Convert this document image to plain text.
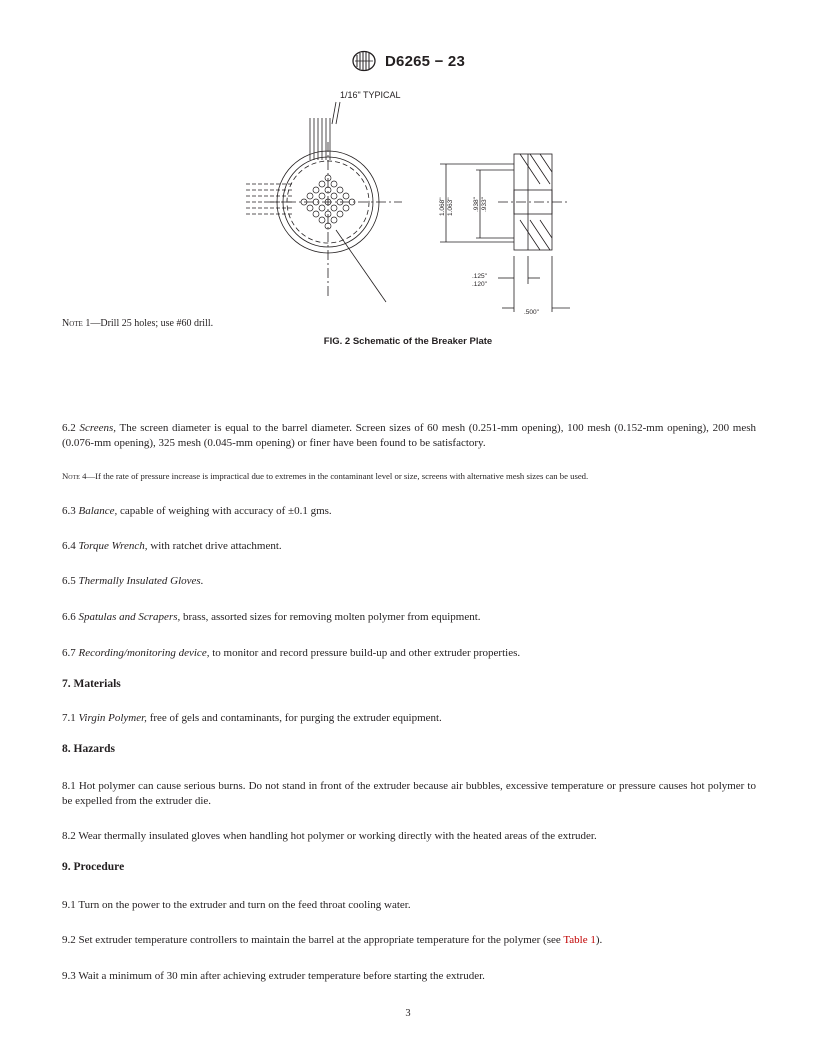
D6265 − 23
1/16" TYPICAL
1.068" 1.063"	.938" .933"
.125"
.120"
.500"
Note 1—Drill 25 holes; use #60 drill.
FIG. 2 Schematic of the Breaker Plate
6.2 Screens, The screen diameter is equal to the barrel diameter. Screen sizes of 60 mesh (0.251-mm opening), 100 mesh (0.152-mm opening), 200 mesh (0.076-mm opening), 325 mesh (0.045-mm opening) or finer have been found to be satisfactory.
Note 4—If the rate of pressure increase is impractical due to extremes in the contaminant level or size, screens with alternative mesh sizes can be used.
6.3 Balance, capable of weighing with accuracy of ±0.1 gms.
6.4 Torque Wrench, with ratchet drive attachment.
6.5 Thermally Insulated Gloves.
6.6 Spatulas and Scrapers, brass, assorted sizes for removing molten polymer from equipment.
6.7 Recording/monitoring device, to monitor and record pressure build-up and other extruder properties.
7. Materials
7.1 Virgin Polymer, free of gels and contaminants, for purging the extruder equipment.
8. Hazards
8.1 Hot polymer can cause serious burns. Do not stand in front of the extruder because air bubbles, excessive temperature or pressure causes hot polymer to be expelled from the extruder die.
8.2 Wear thermally insulated gloves when handling hot polymer or working directly with the heated areas of the extruder.
9. Procedure
9.1 Turn on the power to the extruder and turn on the feed throat cooling water.
9.2 Set extruder temperature controllers to maintain the barrel at the appropriate temperature for the polymer (see Table 1).
9.3 Wait a minimum of 30 min after achieving extruder temperature before starting the extruder.
3
